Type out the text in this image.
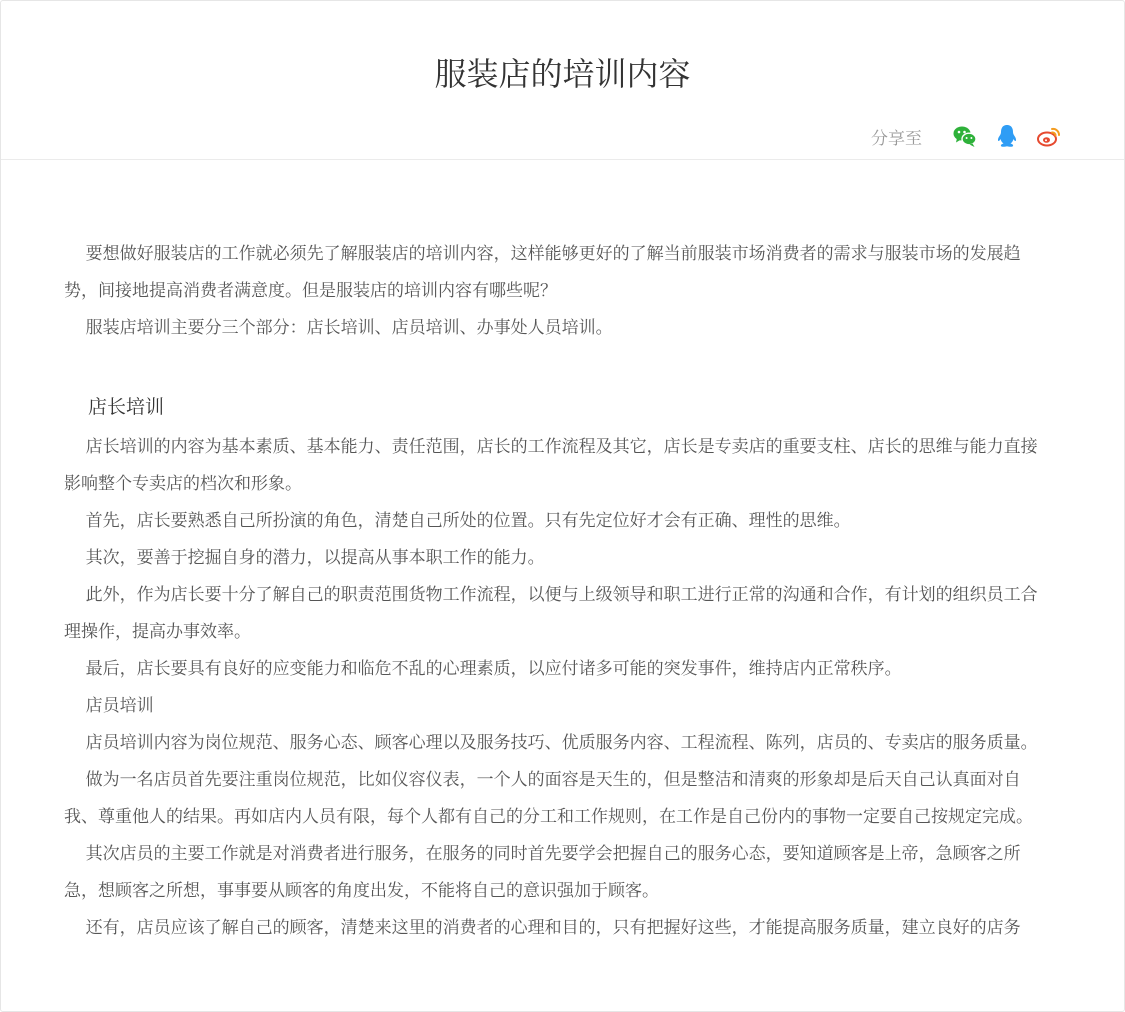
服装店的培训内容
分享至

要想做好服装店的工作就必须先了解服装店的培训内容，这样能够更好的了解当前服装市场消费者的需求与服装市场的发展趋势，间接地提高消费者满意度。但是服装店的培训内容有哪些呢？

服装店培训主要分三个部分：店长培训、店员培训、办事处人员培训。

店长培训

店长培训的内容为基本素质、基本能力、责任范围，店长的工作流程及其它，店长是专卖店的重要支柱、店长的思维与能力直接影响整个专卖店的档次和形象。

首先，店长要熟悉自己所扮演的角色，清楚自己所处的位置。只有先定位好才会有正确、理性的思维。

其次，要善于挖掘自身的潜力，以提高从事本职工作的能力。

此外，作为店长要十分了解自己的职责范围货物工作流程，以便与上级领导和职工进行正常的沟通和合作，有计划的组织员工合理操作，提高办事效率。

最后，店长要具有良好的应变能力和临危不乱的心理素质，以应付诸多可能的突发事件，维持店内正常秩序。

店员培训

店员培训内容为岗位规范、服务心态、顾客心理以及服务技巧、优质服务内容、工程流程、陈列，店员的、专卖店的服务质量。

做为一名店员首先要注重岗位规范，比如仪容仪表，一个人的面容是天生的，但是整洁和清爽的形象却是后天自己认真面对自我、尊重他人的结果。再如店内人员有限，每个人都有自己的分工和工作规则，在工作是自己份内的事物一定要自己按规定完成。

其次店员的主要工作就是对消费者进行服务，在服务的同时首先要学会把握自己的服务心态，要知道顾客是上帝，急顾客之所急，想顾客之所想，事事要从顾客的角度出发，不能将自己的意识强加于顾客。

还有，店员应该了解自己的顾客，清楚来这里的消费者的心理和目的，只有把握好这些，才能提高服务质量，建立良好的店务
